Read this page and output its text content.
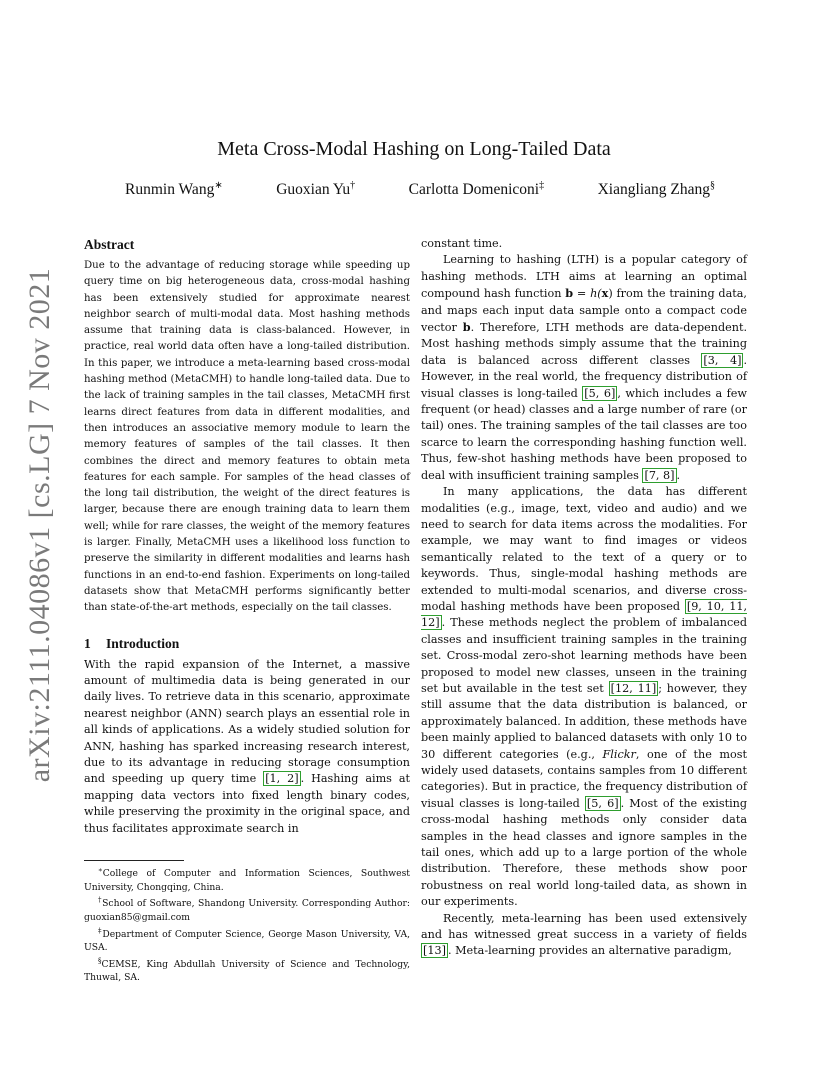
arXiv:2111.04086v1 [cs.LG] 7 Nov 2021
Meta Cross-Modal Hashing on Long-Tailed Data
Runmin Wang∗	Guoxian Yu†	Carlotta Domeniconi‡	Xiangliang Zhang§
Abstract

Due to the advantage of reducing storage while speeding up query time on big heterogeneous data, cross-modal hashing has been extensively studied for approximate nearest neighbor search of multi-modal data. Most hashing methods assume that training data is class-balanced. However, in practice, real world data often have a long-tailed distribution. In this paper, we introduce a meta-learning based cross-modal hashing method (MetaCMH) to handle long-tailed data. Due to the lack of training samples in the tail classes, MetaCMH first learns direct features from data in different modalities, and then introduces an associative memory module to learn the memory features of samples of the tail classes. It then combines the direct and memory features to obtain meta features for each sample. For samples of the head classes of the long tail distribution, the weight of the direct features is larger, because there are enough training data to learn them well; while for rare classes, the weight of the memory features is larger. Finally, MetaCMH uses a likelihood loss function to preserve the similarity in different modalities and learns hash functions in an end-to-end fashion. Experiments on long-tailed datasets show that MetaCMH performs significantly better than state-of-the-art methods, especially on the tail classes.

1 Introduction

With the rapid expansion of the Internet, a massive amount of multimedia data is being generated in our daily lives. To retrieve data in this scenario, approximate nearest neighbor (ANN) search plays an essential role in all kinds of applications. As a widely studied solution for ANN, hashing has sparked increasing research interest, due to its advantage in reducing storage consumption and speeding up query time [1, 2] . Hashing aims at mapping data vectors into fixed length binary codes, while preserving the proximity in the original space, and thus facilitates approximate search in

constant time.

Learning to hashing (LTH) is a popular category of hashing methods. LTH aims at learning an optimal compound hash function b = h(x) from the training data, and maps each input data sample onto a compact code vector b. Therefore, LTH methods are data-dependent. Most hashing methods simply assume that the training data is balanced across different classes [3, 4] . However, in the real world, the frequency distribution of visual classes is long-tailed [5, 6] , which includes a few frequent (or head) classes and a large number of rare (or tail) ones. The training samples of the tail classes are too scarce to learn the corresponding hashing function well. Thus, few-shot hashing methods have been proposed to deal with insufficient training samples [7, 8] .

In many applications, the data has different modalities (e.g., image, text, video and audio) and we need to search for data items across the modalities. For example, we may want to find images or videos semantically related to the text of a query or to keywords. Thus, single-modal hashing methods are extended to multi-modal scenarios, and diverse cross-modal hashing methods have been proposed [9, 10, 11, 12] . These methods neglect the problem of imbalanced classes and insufficient training samples in the training set. Cross-modal zero-shot learning methods have been proposed to model new classes, unseen in the training set but available in the test set [12, 11] ; however, they still assume that the data distribution is balanced, or approximately balanced. In addition, these methods have been mainly applied to balanced datasets with only 10 to 30 different categories (e.g., Flickr, one of the most widely used datasets, contains samples from 10 different categories). But in practice, the frequency distribution of visual classes is long-tailed [5, 6] . Most of the existing cross-modal hashing methods only consider data samples in the head classes and ignore samples in the tail ones, which add up to a large portion of the whole distribution. Therefore, these methods show poor robustness on real world long-tailed data, as shown in our experiments.

Recently, meta-learning has been used extensively and has witnessed great success in a variety of fields [13] . Meta-learning provides an alternative paradigm,

∗College of Computer and Information Sciences, Southwest University, Chongqing, China.

†School of Software, Shandong University. Corresponding Author: guoxian85@gmail.com

‡Department of Computer Science, George Mason University, VA, USA.

§CEMSE, King Abdullah University of Science and Technology, Thuwal, SA.
